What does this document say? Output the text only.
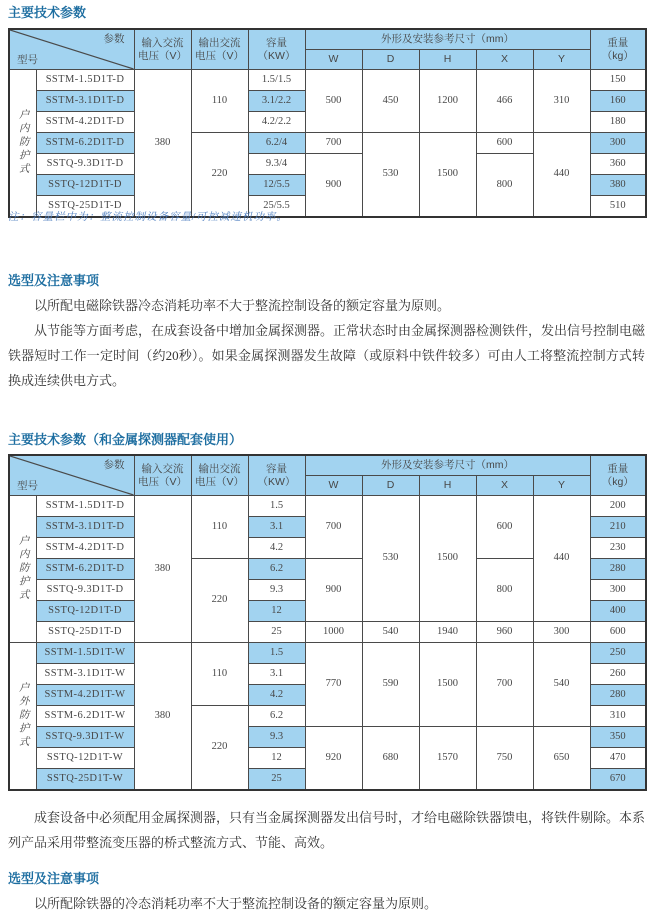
主要技术参数
参数
型号		输入交流
电压（V）	输出交流
电压（V）	容量
（KW）	外形及安装参考尺寸（mm）					重量
（kg）
					W	D	H	X	Y	
户内防护式	SSTM-1.5D1T-D	380	110	1.5/1.5	500	450	1200	466	310	150
	SSTM-3.1D1T-D			3.1/2.2						160
	SSTM-4.2D1T-D			4.2/2.2						180
	SSTM-6.2D1T-D		220	6.2/4	700	530	1500	600	440	300
	SSTQ-9.3D1T-D			9.3/4	900			800		360
	SSTQ-12D1T-D			12/5.5						380
	SSTQ-25D1T-D			25/5.5						510
注：容量栏中为：整流控制设备容量/可控减速机功率。
选型及注意事项

以所配电磁除铁器冷态消耗功率不大于整流控制设备的额定容量为原则。

从节能等方面考虑，在成套设备中增加金属探测器。正常状态时由金属探测器检测铁件，发出信号控制电磁铁器短时工作一定时间（约20秒）。如果金属探测器发生故障（或原料中铁件较多）可由人工将整流控制方式转换成连续供电方式。

主要技术参数（和金属探测器配套使用）
参数
型号		输入交流
电压（V）	输出交流
电压（V）	容量
（KW）	外形及安装参考尺寸（mm）					重量
（kg）
					W	D	H	X	Y	
户内防护式	SSTM-1.5D1T-D	380	110	1.5	700	530	1500	600	440	200
	SSTM-3.1D1T-D			3.1						210
	SSTM-4.2D1T-D			4.2						230
	SSTM-6.2D1T-D		220	6.2	900			800		280
	SSTQ-9.3D1T-D			9.3						300
	SSTQ-12D1T-D			12						400
	SSTQ-25D1T-D			25	1000	540	1940	960	300	600
户外防护式	SSTM-1.5D1T-W	380	110	1.5	770	590	1500	700	540	250
	SSTM-3.1D1T-W			3.1						260
	SSTM-4.2D1T-W			4.2						280
	SSTM-6.2D1T-W		220	6.2						310
	SSTQ-9.3D1T-W			9.3	920	680	1570	750	650	350
	SSTQ-12D1T-W			12						470
	SSTQ-25D1T-W			25						670

成套设备中必须配用金属探测器，只有当金属探测器发出信号时，才给电磁除铁器馈电，将铁件剔除。本系列产品采用带整流变压器的桥式整流方式、节能、高效。

选型及注意事项

以所配除铁器的冷态消耗功率不大于整流控制设备的额定容量为原则。
